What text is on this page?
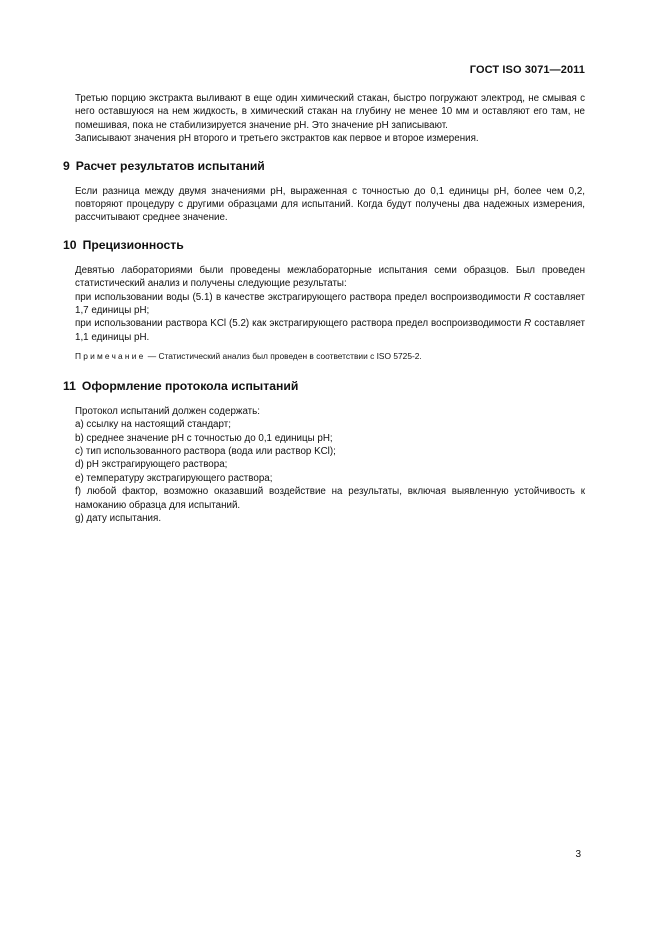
ГОСТ ISO 3071—2011

Третью порцию экстракта выливают в еще один химический стакан, быстро погружают электрод, не смывая с него оставшуюся на нем жидкость, в химический стакан на глубину не менее 10 мм и оставляют его там, не помешивая, пока не стабилизируется значение рН. Это значение рН записывают.

Записывают значения рН второго и третьего экстрактов как первое и второе измерения.

9 Расчет результатов испытаний

Если разница между двумя значениями рН, выраженная с точностью до 0,1 единицы рН, более чем 0,2, повторяют процедуру с другими образцами для испытаний. Когда будут получены два надежных измерения, рассчитывают среднее значение.

10 Прецизионность

Девятью лабораториями были проведены межлабораторные испытания семи образцов. Был проведен статистический анализ и получены следующие результаты:

при использовании воды (5.1) в качестве экстрагирующего раствора предел воспроизводимости R составляет 1,7 единицы рН;

при использовании раствора KCl (5.2) как экстрагирующего раствора предел воспроизводимости R составляет 1,1 единицы рН.

Примечание — Статистический анализ был проведен в соответствии с ISO 5725-2.

11 Оформление протокола испытаний

Протокол испытаний должен содержать:

a) ссылку на настоящий стандарт;

b) среднее значение рН с точностью до 0,1 единицы рН;

c) тип использованного раствора (вода или раствор KCl);

d) рН экстрагирующего раствора;

e) температуру экстрагирующего раствора;

f) любой фактор, возможно оказавший воздействие на результаты, включая выявленную устойчивость к намоканию образца для испытаний.

g) дату испытания.

3
